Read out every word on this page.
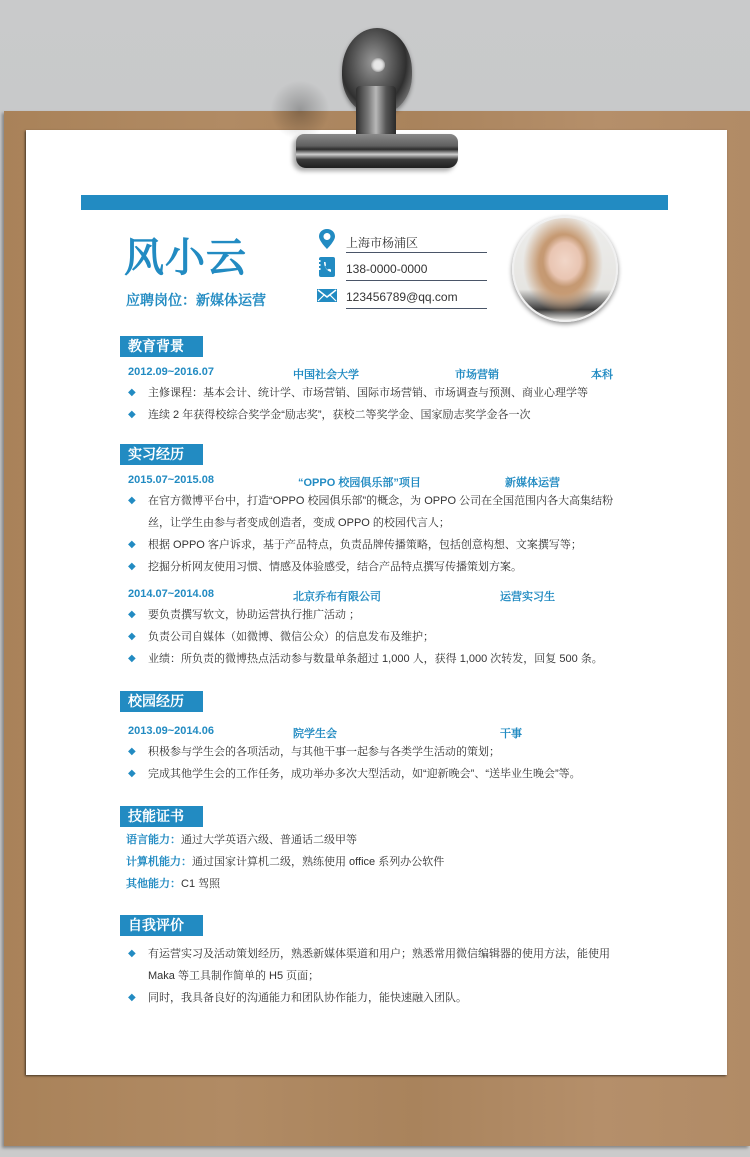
风小云
应聘岗位：新媒体运营
上海市杨浦区
138-0000-0000
123456789@qq.com
教育背景
2012.09~2016.07	中国社会大学	市场营销	本科
◆	主修课程：基本会计、统计学、市场营销、国际市场营销、市场调查与预测、商业心理学等
◆	连续 2 年获得校综合奖学金“励志奖”，获校二等奖学金、国家励志奖学金各一次
实习经历
2015.07~2015.08	“OPPO 校园俱乐部”项目	新媒体运营
◆	在官方微博平台中，打造“OPPO 校园俱乐部”的概念，为 OPPO 公司在全国范围内各大高集结粉丝，让学生由参与者变成创造者，变成 OPPO 的校园代言人；
◆	根据 OPPO 客户诉求，基于产品特点，负责品牌传播策略，包括创意构想、文案撰写等；
◆	挖掘分析网友使用习惯、情感及体验感受，结合产品特点撰写传播策划方案。
2014.07~2014.08	北京乔布有限公司	运营实习生
◆	要负责撰写软文，协助运营执行推广活动 ；
◆	负责公司自媒体（如微博、微信公众）的信息发布及维护；
◆	业绩：所负责的微博热点活动参与数量单条超过 1,000 人，获得 1,000 次转发，回复 500 条。
校园经历
2013.09~2014.06	院学生会	干事
◆	积极参与学生会的各项活动，与其他干事一起参与各类学生活动的策划；
◆	完成其他学生会的工作任务，成功举办多次大型活动，如“迎新晚会”、“送毕业生晚会”等。
技能证书
语言能力：通过大学英语六级、普通话二级甲等
计算机能力：通过国家计算机二级，熟练使用 office 系列办公软件
其他能力：C1 驾照
自我评价
◆	有运营实习及活动策划经历，熟悉新媒体渠道和用户；熟悉常用微信编辑器的使用方法，能使用 Maka 等工具制作简单的 H5 页面；
◆	同时，我具备良好的沟通能力和团队协作能力，能快速融入团队。
